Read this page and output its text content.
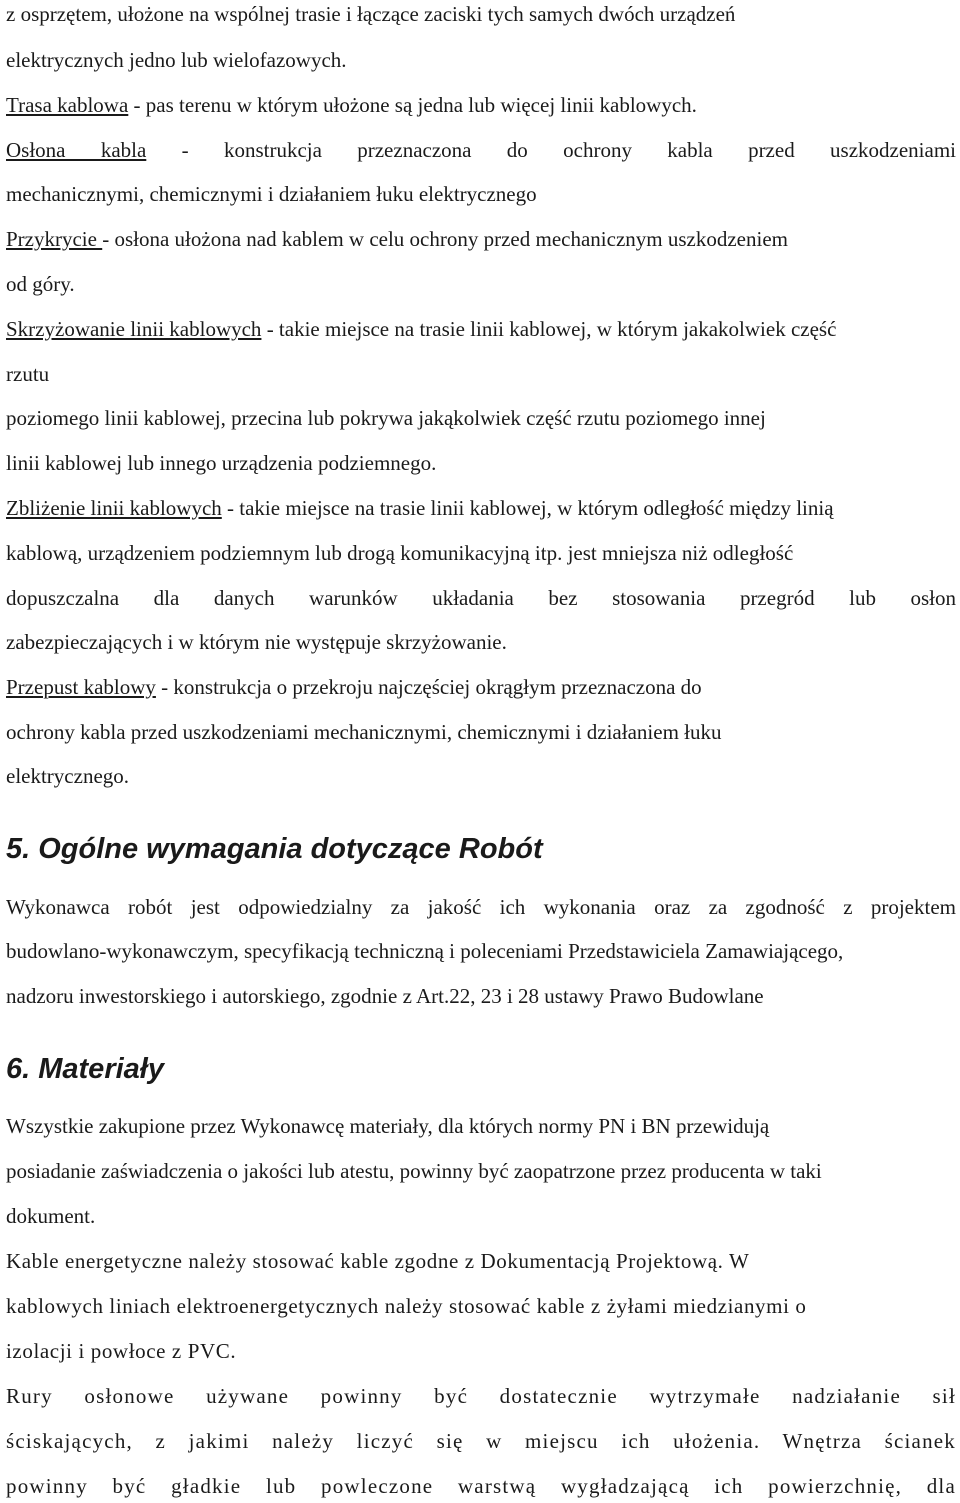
z osprzętem, ułożone na wspólnej trasie i łączące zaciski tych samych dwóch urządzeń
elektrycznych jedno lub wielofazowych.
Trasa kablowa - pas terenu w którym ułożone są jedna lub więcej linii kablowych.
Osłona kabla - konstrukcja przeznaczona do ochrony kabla przed uszkodzeniami
mechanicznymi, chemicznymi i działaniem łuku elektrycznego
Przykrycie - osłona ułożona nad kablem w celu ochrony przed mechanicznym uszkodzeniem
od góry.
Skrzyżowanie linii kablowych - takie miejsce na trasie linii kablowej, w którym jakakolwiek część
rzutu
poziomego linii kablowej, przecina lub pokrywa jakąkolwiek część rzutu poziomego innej
linii kablowej lub innego urządzenia podziemnego.
Zbliżenie linii kablowych - takie miejsce na trasie linii kablowej, w którym odległość między linią
kablową, urządzeniem podziemnym lub drogą komunikacyjną itp. jest mniejsza niż odległość
dopuszczalna dla danych warunków układania bez stosowania przegród lub osłon
zabezpieczających i w którym nie występuje skrzyżowanie.
Przepust kablowy - konstrukcja o przekroju najczęściej okrągłym przeznaczona do
ochrony kabla przed uszkodzeniami mechanicznymi, chemicznymi i działaniem łuku
elektrycznego.
5. Ogólne wymagania dotyczące Robót
Wykonawca robót jest odpowiedzialny za jakość ich wykonania oraz za zgodność z projektem
budowlano-wykonawczym, specyfikacją techniczną i poleceniami Przedstawiciela Zamawiającego,
nadzoru inwestorskiego i autorskiego, zgodnie z Art.22, 23 i 28 ustawy Prawo Budowlane
6. Materiały
Wszystkie zakupione przez Wykonawcę materiały, dla których normy PN i BN przewidują
posiadanie zaświadczenia o jakości lub atestu, powinny być zaopatrzone przez producenta w taki
dokument.
Kable energetyczne należy stosować kable zgodne z Dokumentacją Projektową. W
kablowych liniach elektroenergetycznych należy stosować kable z żyłami miedzianymi o
izolacji i powłoce z PVC.
Rury osłonowe używane powinny być dostatecznie wytrzymałe nadziałanie sił
ściskających, z jakimi należy liczyć się w miejscu ich ułożenia. Wnętrza ścianek
powinny być gładkie lub powleczone warstwą wygładzającą ich powierzchnię, dla
